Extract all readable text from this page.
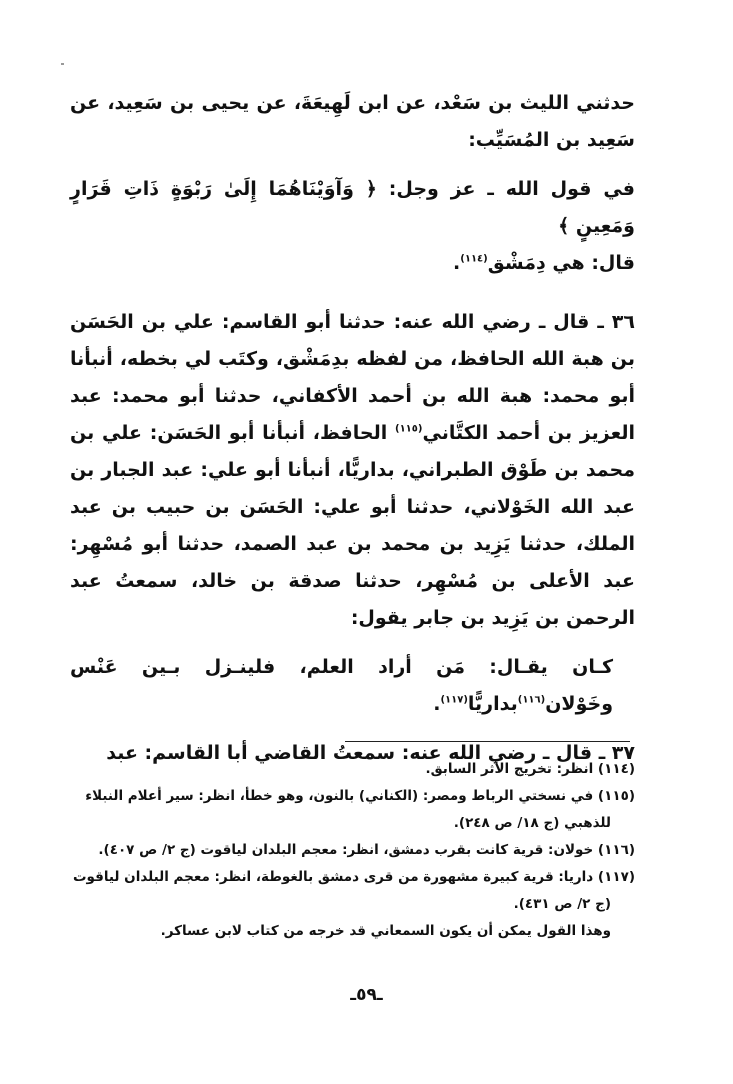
حدثني الليث بن سَعْد، عن ابن لَهِيعَةَ، عن يحيى بن سَعِيد، عن سَعِيد بن المُسَيِّب:

في قول الله ـ عز وجل: ﴿ وَآوَيْنَاهُمَا إِلَىٰ رَبْوَةٍ ذَاتِ قَرَارٍ وَمَعِينٍ ﴾

قال: هي دِمَشْق$^{(١١٤)}$.

٣٦ ـ قال ـ رضي الله عنه: حدثنا أبو القاسم: علي بن الحَسَن بن هبة الله الحافظ، من لفظه بدِمَشْق، وكتَب لي بخطه، أنبأنا أبو محمد: هبة الله بن أحمد الأكفاني، حدثنا أبو محمد: عبد العزيز بن أحمد الكتَّاني$^{(١١٥)}$ الحافظ، أنبأنا أبو الحَسَن: علي بن محمد بن طَوْق الطبراني، بداريًّا، أنبأنا أبو علي: عبد الجبار بن عبد الله الخَوْلاني، حدثنا أبو علي: الحَسَن بن حبيب بن عبد الملك، حدثنا يَزِيد بن محمد بن عبد الصمد، حدثنا أبو مُسْهِر: عبد الأعلى بن مُسْهِر، حدثنا صدقة بن خالد، سمعتُ عبد الرحمن بن يَزِيد بن جابر يقول:

كـان يقـال: مَن أراد العلم، فلينـزل بـين عَنْس وخَوْلان$^{(١١٦)}$بداريًّا$^{(١١٧)}$.

٣٧ ـ قال ـ رضي الله عنه: سمعتُ القاضي أبا القاسم: عبد

(١١٤) انظر: تخريج الأثر السابق.

(١١٥) في نسختي الرباط ومصر: (الكناني) بالنون، وهو خطأ، انظر: سير أعلام النبلاء

للذهبي (ج ١٨/ ص ٢٤٨).

(١١٦) خولان: قرية كانت بقرب دمشق، انظر: معجم البلدان لياقوت (ج ٢/ ص ٤٠٧).

(١١٧) داريا: قرية كبيرة مشهورة من قرى دمشق بالغوطة، انظر: معجم البلدان لياقوت

(ج ٢/ ص ٤٣١).

وهذا القول يمكن أن يكون السمعاني قد خرجه من كتاب لابن عساكر.

ـ٥٩ـ
